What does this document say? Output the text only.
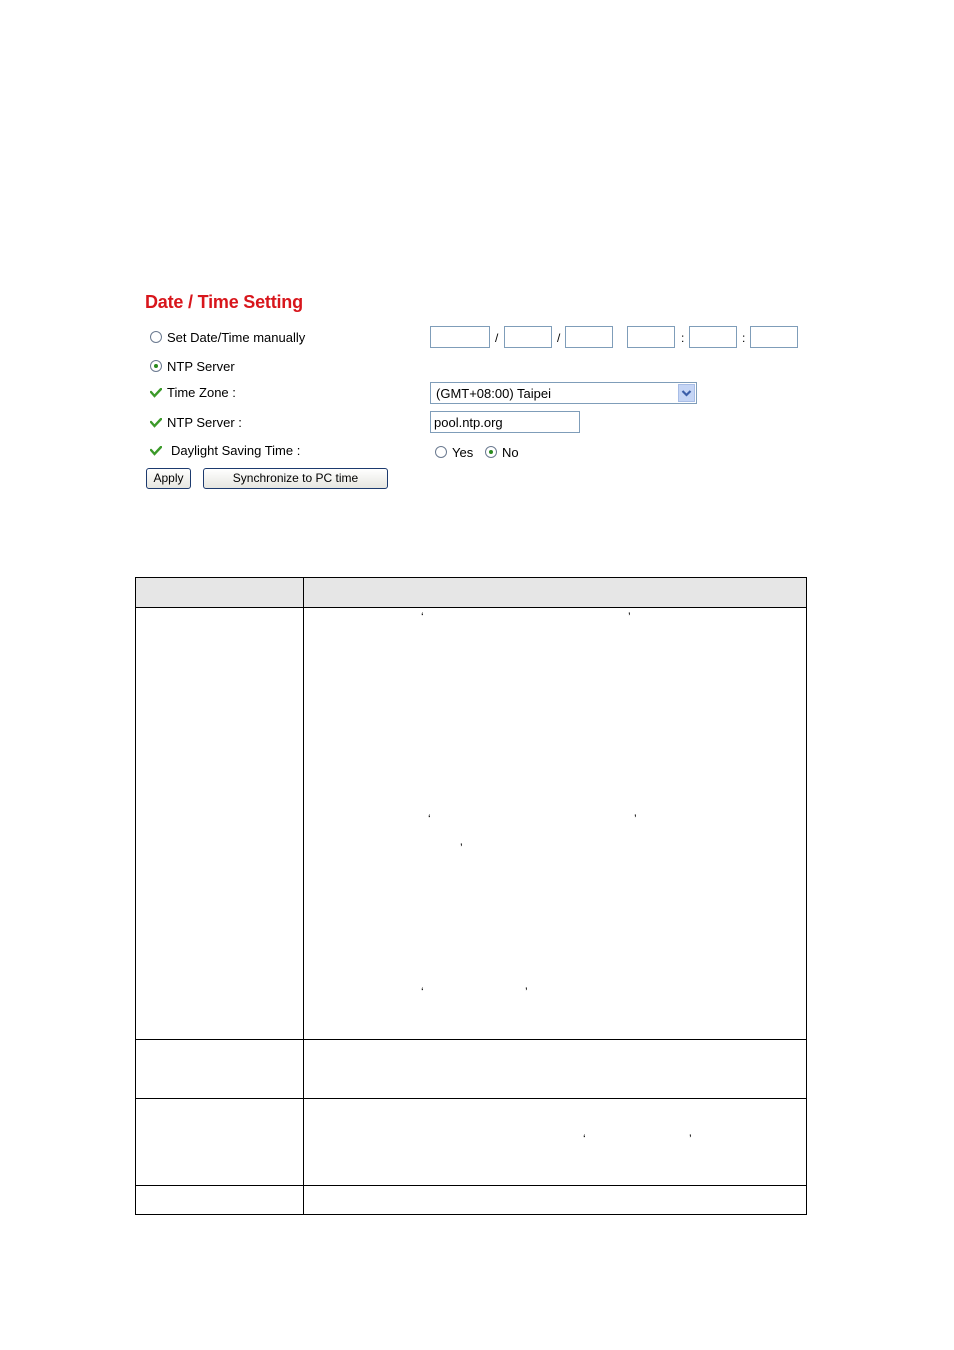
Date / Time Setting
Set Date/Time manually	/	/	:	:
NTP Server
Time Zone :	(GMT+08:00) Taipei
NTP Server :
pool.ntp.org
Daylight Saving Time :	Yes No
Apply	Synchronize to PC time

‘	’
‘	’
’
‘	’
‘	’
